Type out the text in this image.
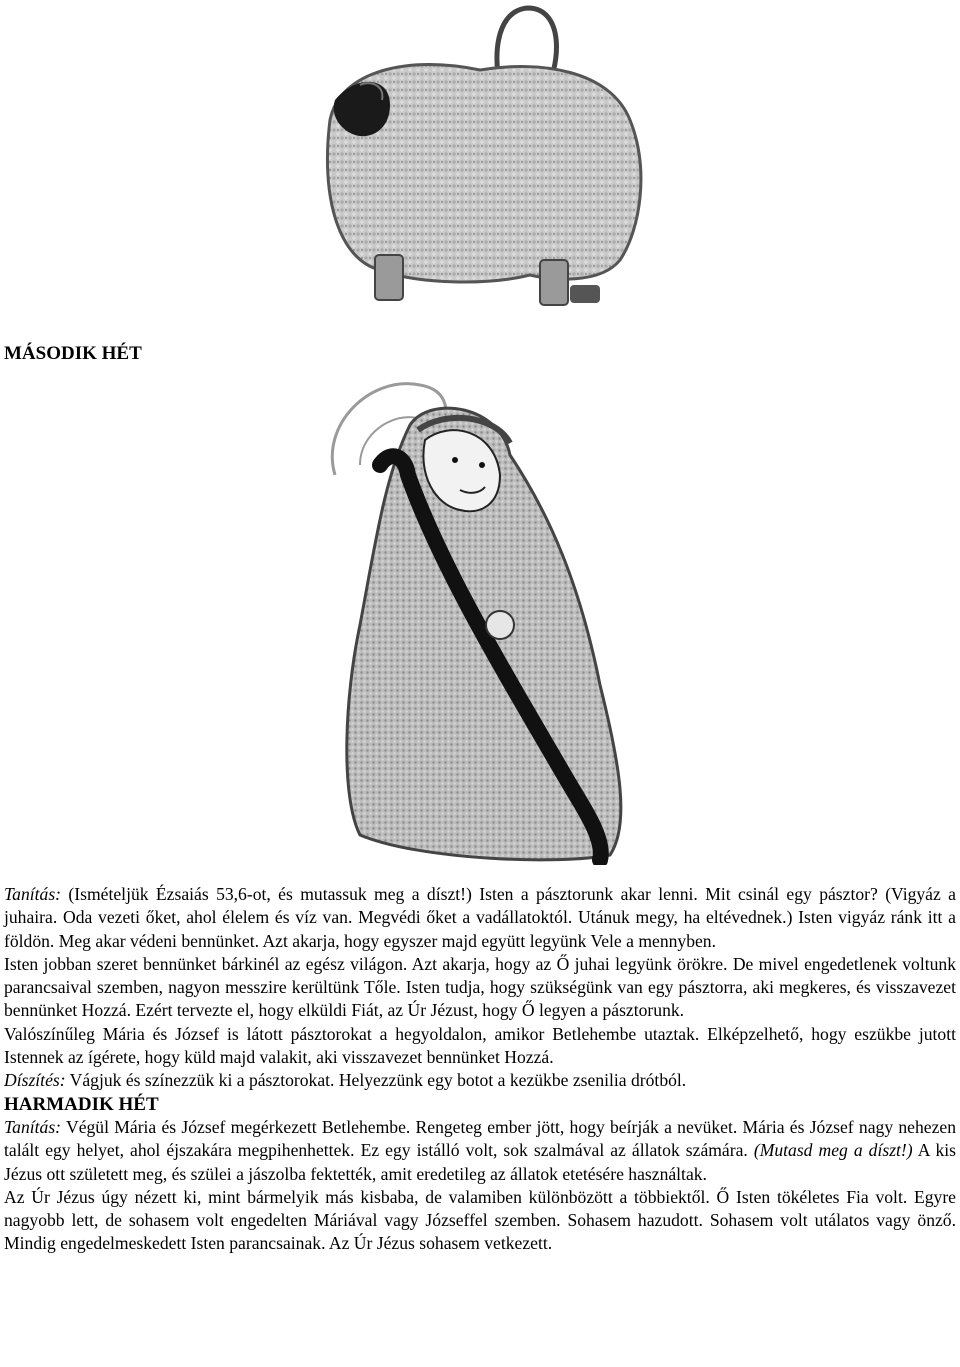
MÁSODIK HÉT

Tanítás: (Ismételjük Ézsaiás 53,6-ot, és mutassuk meg a díszt!) Isten a pásztorunk akar lenni. Mit csinál egy pásztor? (Vigyáz a juhaira. Oda vezeti őket, ahol élelem és víz van. Megvédi őket a vadállatoktól. Utánuk megy, ha eltévednek.) Isten vigyáz ránk itt a földön. Meg akar védeni bennünket. Azt akarja, hogy egyszer majd együtt legyünk Vele a mennyben.

Isten jobban szeret bennünket bárkinél az egész világon. Azt akarja, hogy az Ő juhai legyünk örökre. De mivel engedetlenek voltunk parancsaival szemben, nagyon messzire kerültünk Tőle. Isten tudja, hogy szükségünk van egy pásztorra, aki megkeres, és visszavezet bennünket Hozzá. Ezért tervezte el, hogy elküldi Fiát, az Úr Jézust, hogy Ő legyen a pásztorunk.

Valószínűleg Mária és József is látott pásztorokat a hegyoldalon, amikor Betlehembe utaztak. Elképzelhető, hogy eszükbe jutott Istennek az ígérete, hogy küld majd valakit, aki visszavezet bennünket Hozzá.

Díszítés: Vágjuk és színezzük ki a pásztorokat. Helyezzünk egy botot a kezükbe zsenilia drótból.

HARMADIK HÉT

Tanítás: Végül Mária és József megérkezett Betlehembe. Rengeteg ember jött, hogy beírják a nevüket. Mária és József nagy nehezen talált egy helyet, ahol éjszakára megpihenhettek. Ez egy istálló volt, sok szalmával az állatok számára. (Mutasd meg a díszt!) A kis Jézus ott született meg, és szülei a jászolba fektették, amit eredetileg az állatok etetésére használtak.

Az Úr Jézus úgy nézett ki, mint bármelyik más kisbaba, de valamiben különbözött a többiektől. Ő Isten tökéletes Fia volt. Egyre nagyobb lett, de sohasem volt engedelten Máriával vagy Józseffel szemben. Sohasem hazudott. Sohasem volt utálatos vagy önző. Mindig engedelmeskedett Isten parancsainak. Az Úr Jézus sohasem vetkezett.
